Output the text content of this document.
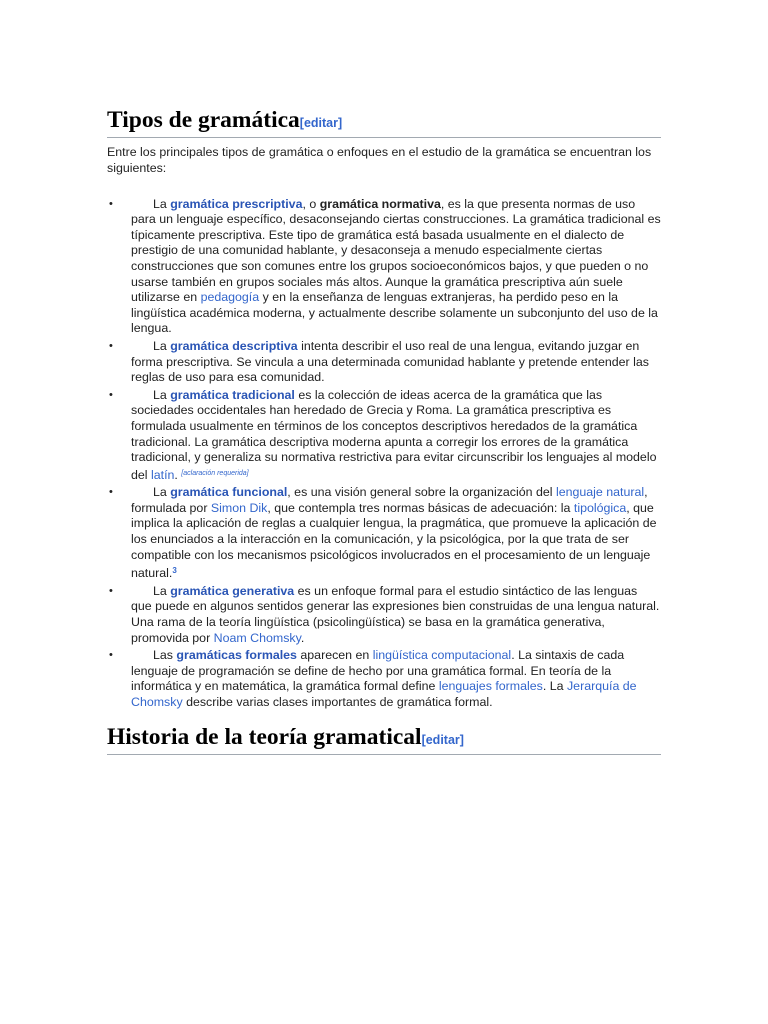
Tipos de gramática[editar]
Entre los principales tipos de gramática o enfoques en el estudio de la gramática se encuentran los siguientes:
•	La gramática prescriptiva, o gramática normativa, es la que presenta normas de uso para un lenguaje específico, desaconsejando ciertas construcciones. La gramática tradicional es típicamente prescriptiva. Este tipo de gramática está basada usualmente en el dialecto de prestigio de una comunidad hablante, y desaconseja a menudo especialmente ciertas construcciones que son comunes entre los grupos socioeconómicos bajos, y que pueden o no usarse también en grupos sociales más altos. Aunque la gramática prescriptiva aún suele utilizarse en pedagogía y en la enseñanza de lenguas extranjeras, ha perdido peso en la lingüística académica moderna, y actualmente describe solamente un subconjunto del uso de la lengua.
•	La gramática descriptiva intenta describir el uso real de una lengua, evitando juzgar en forma prescriptiva. Se vincula a una determinada comunidad hablante y pretende entender las reglas de uso para esa comunidad.
•	La gramática tradicional es la colección de ideas acerca de la gramática que las sociedades occidentales han heredado de Grecia y Roma. La gramática prescriptiva es formulada usualmente en términos de los conceptos descriptivos heredados de la gramática tradicional. La gramática descriptiva moderna apunta a corregir los errores de la gramática tradicional, y generaliza su normativa restrictiva para evitar circunscribir los lenguajes al modelo del latín. [aclaración requerida]
•	La gramática funcional, es una visión general sobre la organización del lenguaje natural, formulada por Simon Dik, que contempla tres normas básicas de adecuación: la tipológica, que implica la aplicación de reglas a cualquier lengua, la pragmática, que promueve la aplicación de los enunciados a la interacción en la comunicación, y la psicológica, por la que trata de ser compatible con los mecanismos psicológicos involucrados en el procesamiento de un lenguaje natural.$^3$
•	La gramática generativa es un enfoque formal para el estudio sintáctico de las lenguas que puede en algunos sentidos generar las expresiones bien construidas de una lengua natural. Una rama de la teoría lingüística (psicolingüística) se basa en la gramática generativa, promovida por Noam Chomsky.
•	Las gramáticas formales aparecen en lingüística computacional. La sintaxis de cada lenguaje de programación se define de hecho por una gramática formal. En teoría de la informática y en matemática, la gramática formal define lenguajes formales. La Jerarquía de Chomsky describe varias clases importantes de gramática formal.
Historia de la teoría gramatical[editar]
